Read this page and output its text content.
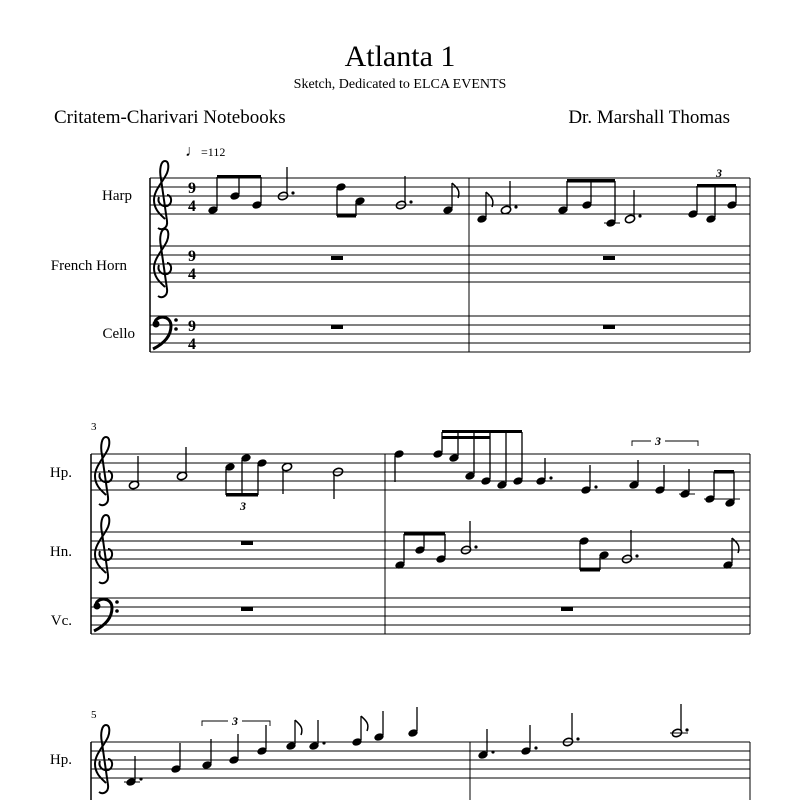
Atlanta 1
Sketch, Dedicated to ELCA EVENTS
Critatem-Charivari Notebooks	Dr. Marshall Thomas
♩=112
Harp
French Horn
Cello
3
Hp.
Hn.
Vc.
5
Hp.
9
4
9
4
9
4
3
3
3
3
